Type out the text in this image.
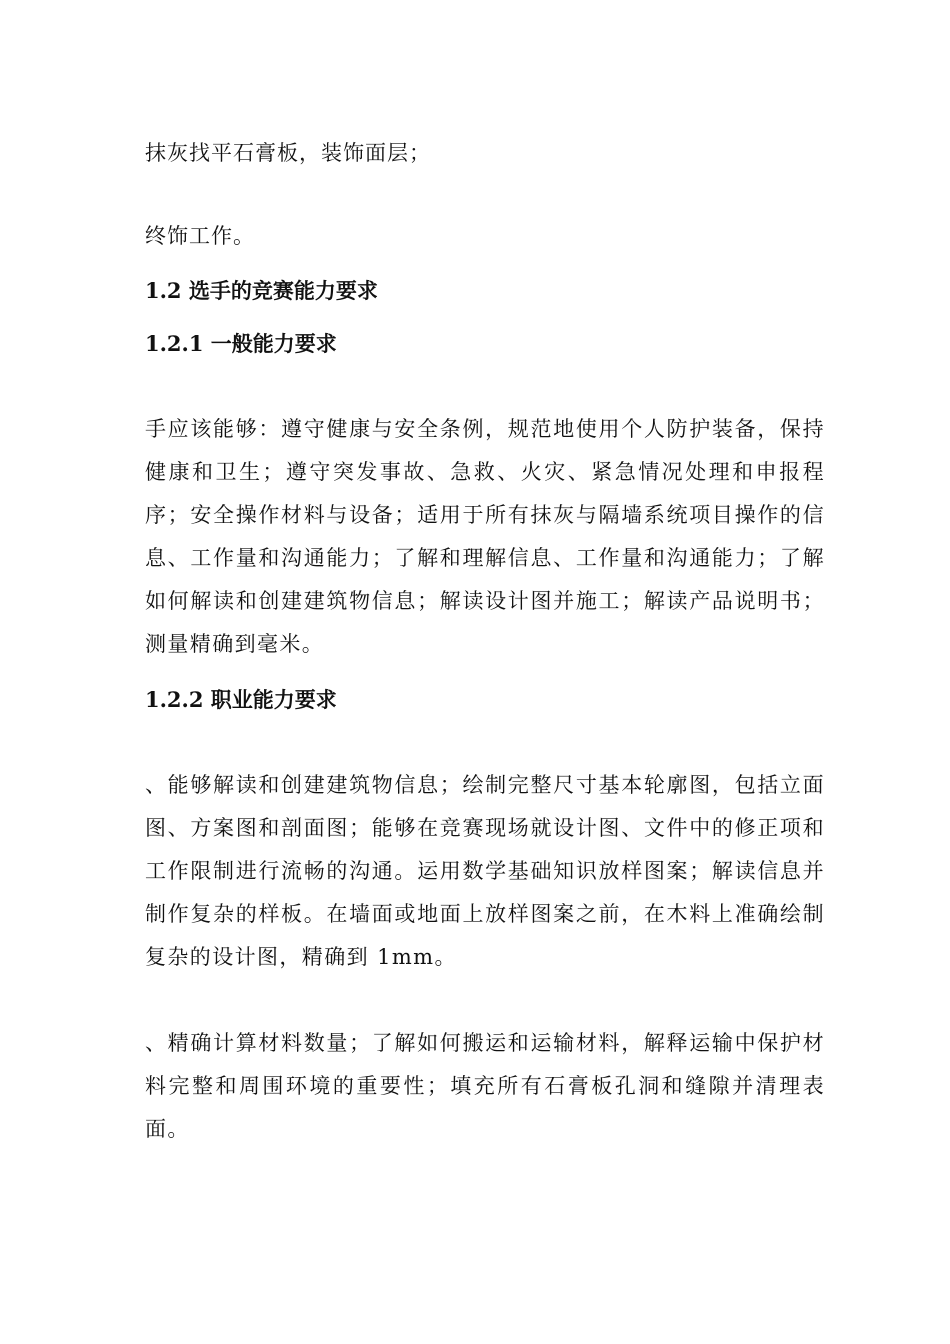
抹灰找平石膏板，装饰面层；
终饰工作。
1.2 选手的竞赛能力要求
1.2.1 一般能力要求
手应该能够：遵守健康与安全条例，规范地使用个人防护装备，保持健康和卫生；遵守突发事故、急救、火灾、紧急情况处理和申报程序；安全操作材料与设备；适用于所有抹灰与隔墙系统项目操作的信息、工作量和沟通能力；了解和理解信息、工作量和沟通能力；了解如何解读和创建建筑物信息；解读设计图并施工；解读产品说明书；测量精确到毫米。
1.2.2 职业能力要求
、能够解读和创建建筑物信息；绘制完整尺寸基本轮廓图，包括立面图、方案图和剖面图；能够在竞赛现场就设计图、文件中的修正项和工作限制进行流畅的沟通。运用数学基础知识放样图案；解读信息并制作复杂的样板。在墙面或地面上放样图案之前，在木料上准确绘制复杂的设计图，精确到 1mm。
、精确计算材料数量；了解如何搬运和运输材料，解释运输中保护材料完整和周围环境的重要性；填充所有石膏板孔洞和缝隙并清理表面。
